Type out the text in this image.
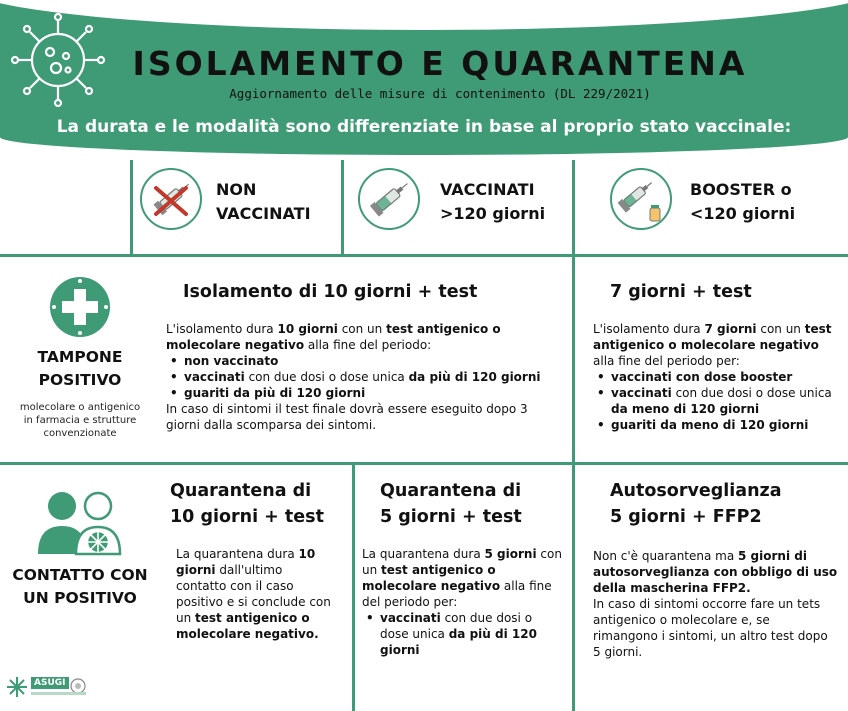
ISOLAMENTO E QUARANTENA
Aggiornamento delle misure di contenimento (DL 229/2021)
La durata e le modalità sono differenziate in base al proprio stato vaccinale:
NON
VACCINATI
VACCINATI
>120 giorni
BOOSTER o
<120 giorni
TAMPONE
POSITIVO
molecolare o antigenico
in farmacia e strutture
convenzionate
Isolamento di 10 giorni + test
L'isolamento dura 10 giorni con un test antigenico o molecolare negativo alla fine del periodo:
• non vaccinato
• vaccinati con due dosi o dose unica da più di 120 giorni
• guariti da più di 120 giorni
In caso di sintomi il test finale dovrà essere eseguito dopo 3 giorni dalla scomparsa dei sintomi.
7 giorni + test
L'isolamento dura 7 giorni con un test antigenico o molecolare negativo alla fine del periodo per:
• vaccinati con dose booster
• vaccinati con due dosi o dose unica da meno di 120 giorni
• guariti da meno di 120 giorni
CONTATTO CON
UN POSITIVO
Quarantena di
10 giorni + test
La quarantena dura 10 giorni dall'ultimo contatto con il caso positivo e si conclude con un test antigenico o molecolare negativo.
Quarantena di
5 giorni + test
La quarantena dura 5 giorni con un test antigenico o molecolare negativo alla fine del periodo per:
• vaccinati con due dosi o dose unica da più di 120 giorni
Autosorveglianza
5 giorni + FFP2
Non c'è quarantena ma 5 giorni di autosorveglianza con obbligo di uso della mascherina FFP2.
In caso di sintomi occorre fare un tets antigenico o molecolare e, se rimangono i sintomi, un altro test dopo 5 giorni.
ASUGI
